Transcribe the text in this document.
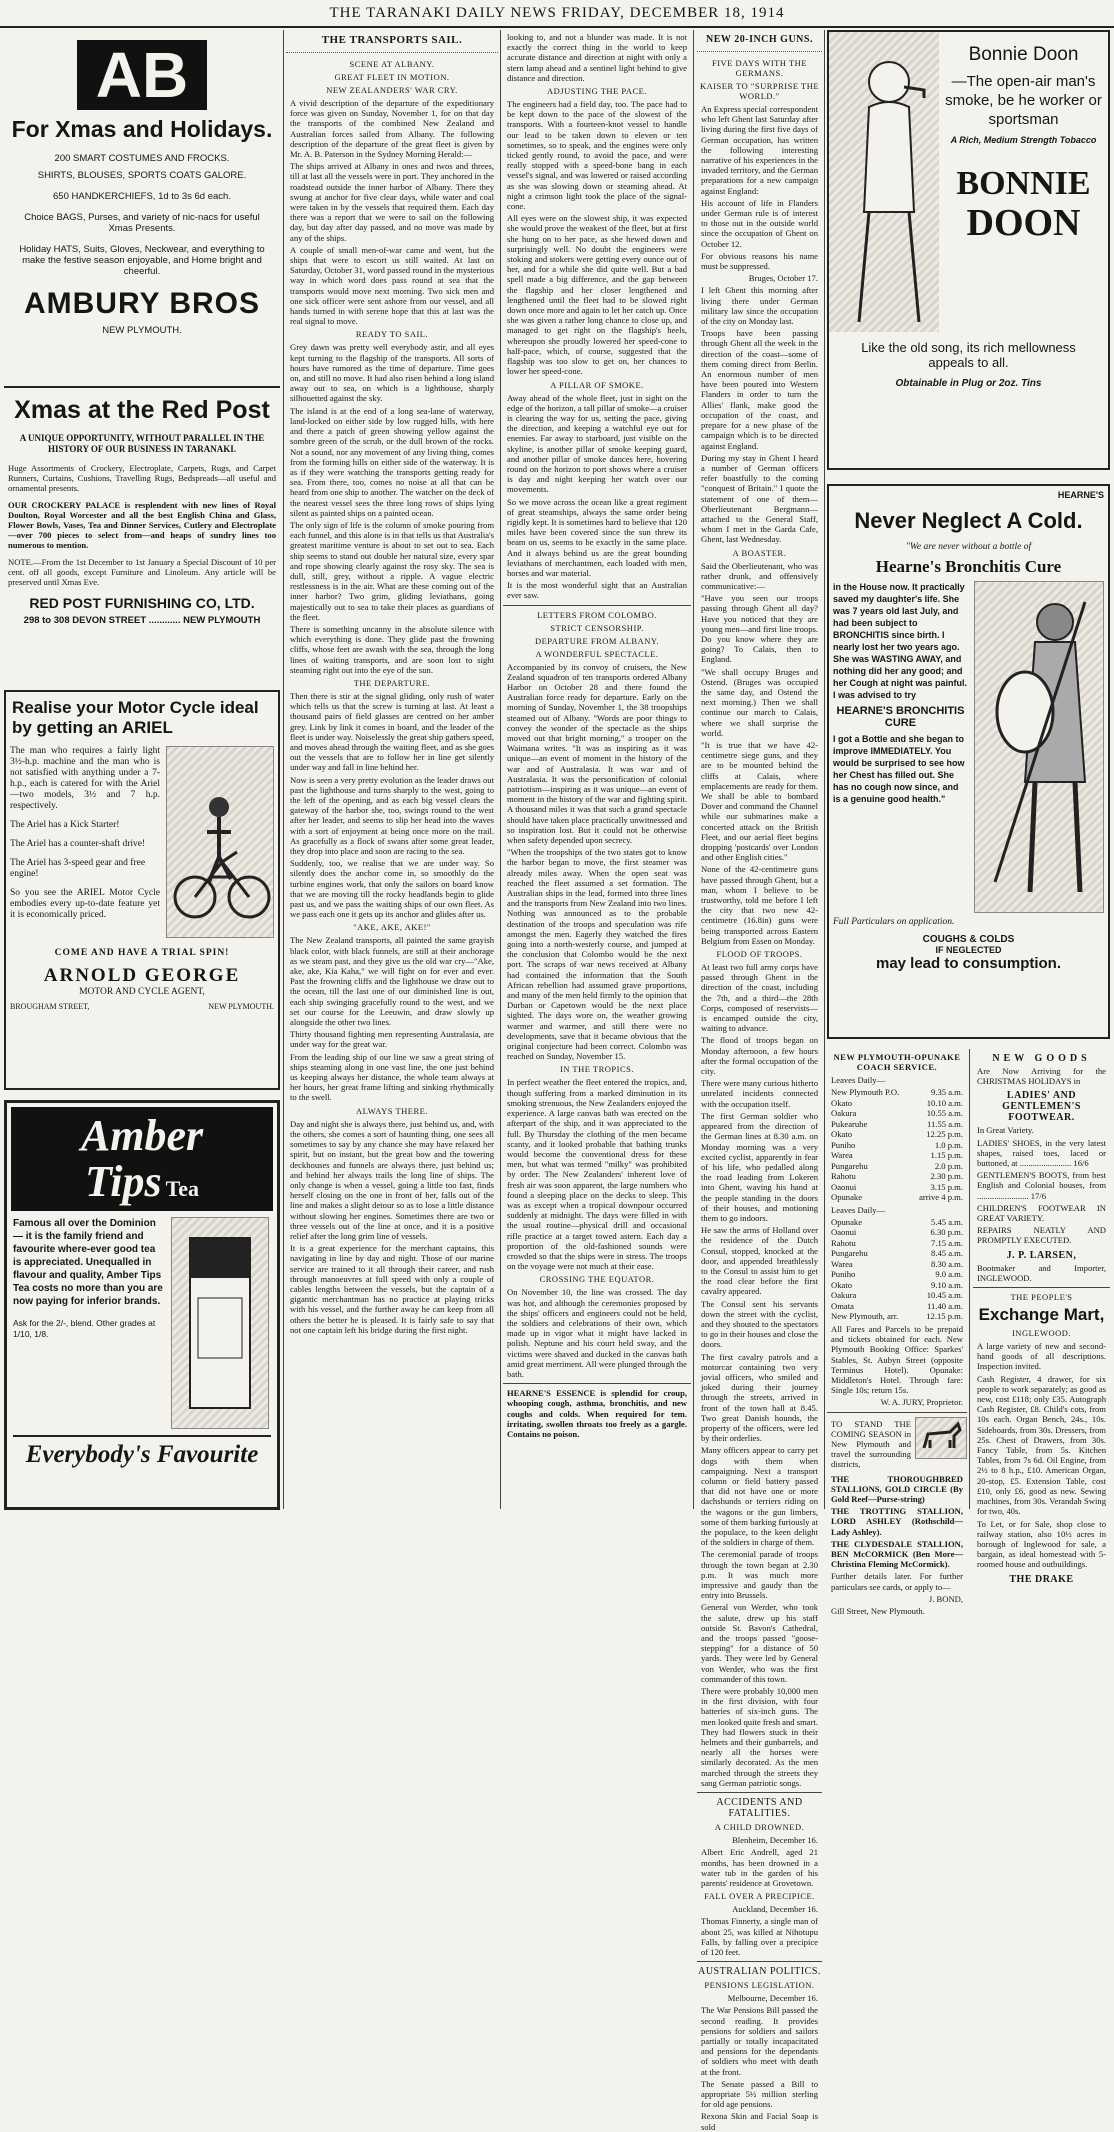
THE TARANAKI DAILY NEWS FRIDAY, DECEMBER 18, 1914
AB
For Xmas and Holidays.
200 SMART COSTUMES AND FROCKS.
SHIRTS, BLOUSES, SPORTS COATS GALORE.
650 HANDKERCHIEFS, 1d to 3s 6d each.
Choice BAGS, Purses, and variety of nic-nacs for useful Xmas Presents.
Holiday HATS, Suits, Gloves, Neckwear, and everything to make the festive season enjoyable, and Home bright and cheerful.
AMBURY BROS
NEW PLYMOUTH.
Xmas at the Red Post
A UNIQUE OPPORTUNITY, WITHOUT PARALLEL IN THE HISTORY OF OUR BUSINESS IN TARANAKI.
Huge Assortments of Crockery, Electroplate, Carpets, Rugs, and Carpet Runners, Curtains, Cushions, Travelling Rugs, Bedspreads—all useful and ornamental presents.
OUR CROCKERY PALACE is resplendent with new lines of Royal Doulton, Royal Worcester and all the best English China and Glass, Flower Bowls, Vases, Tea and Dinner Services, Cutlery and Electroplate—over 700 pieces to select from—and heaps of sundry lines too numerous to mention.
NOTE.—From the 1st December to 1st January a Special Discount of 10 per cent. off all goods, except Furniture and Linoleum. Any article will be preserved until Xmas Eve.
RED POST FURNISHING CO, LTD.
298 to 308 DEVON STREET ............ NEW PLYMOUTH
Realise your Motor Cycle ideal by getting an ARIEL
The man who requires a fairly light 3½-h.p. machine and the man who is not satisfied with anything under a 7-h.p., each is catered for with the Ariel—two models, 3½ and 7 h.p. respectively.
The Ariel has a Kick Starter!
The Ariel has a counter-shaft drive!
The Ariel has 3-speed gear and free engine!
So you see the ARIEL Motor Cycle embodies every up-to-date feature yet it is economically priced.
COME AND HAVE A TRIAL SPIN!
ARNOLD GEORGE
MOTOR AND CYCLE AGENT,
BROUGHAM STREET,	NEW PLYMOUTH.
Amber
Tips Tea
Famous all over the Dominion — it is the family friend and favourite where-ever good tea is appreciated. Unequalled in flavour and quality, Amber Tips Tea costs no more than you are now paying for inferior brands.
Ask for the 2/-, blend. Other grades at 1/10, 1/8.
Everybody's Favourite
THE TRANSPORTS SAIL.
SCENE AT ALBANY.
GREAT FLEET IN MOTION.
NEW ZEALANDERS' WAR CRY.
A vivid description of the departure of the expeditionary force was given on Sunday, November 1, for on that day the transports of the combined New Zealand and Australian forces sailed from Albany. The following description of the departure of the great fleet is given by Mr. A. B. Paterson in the Sydney Morning Herald:—
The ships arrived at Albany in ones and twos and threes, till at last all the vessels were in port. They anchored in the roadstead outside the inner harbor of Albany. There they swung at anchor for five clear days, while water and coal were taken in by the vessels that required them. Each day there was a report that we were to sail on the following day, but day after day passed, and no move was made by any of the ships.
A couple of small men-of-war came and went, but the ships that were to escort us still waited. At last on Saturday, October 31, word passed round in the mysterious way in which word does pass round at sea that the transports would move next morning. Two sick men and one sick officer were sent ashore from our vessel, and all hands turned in with serene hope that this at last was the real signal to move.
READY TO SAIL.
Grey dawn was pretty well everybody astir, and all eyes kept turning to the flagship of the transports. All sorts of hours have rumored as the time of departure. Time goes on, and still no move. It had also risen behind a long island away out to sea, on which is a lighthouse, sharply silhouetted against the sky.
The island is at the end of a long sea-lane of waterway, land-locked on either side by low rugged hills, with here and there a patch of green showing yellow against the sombre green of the scrub, or the dull brown of the rocks. Not a sound, nor any movement of any living thing, comes from the forming hills on either side of the waterway. It is as if they were watching the transports getting ready for sea. From there, too, comes no noise at all that can be heard from one ship to another. The watcher on the deck of the nearest vessel sees the three long rows of ships lying silent as painted ships on a painted ocean.
The only sign of life is the column of smoke pouring from each funnel, and this alone is in that tells us that Australia's greatest maritime venture is about to set out to sea. Each ship seems to stand out double her natural size, every spar and rope showing clearly against the rosy sky. The sea is dull, still, grey, without a ripple. A vague electric restlessness is in the air. What are these coming out of the inner harbor? Two grim, gliding leviathans, going majestically out to sea to take their places as guardians of the fleet.
There is something uncanny in the absolute silence with which everything is done. They glide past the frowning cliffs, whose feet are awash with the sea, through the long lines of waiting transports, and are soon lost to sight steaming right out into the eye of the sun.
THE DEPARTURE.
Then there is stir at the signal gliding, only rush of water which tells us that the screw is turning at last. At least a thousand pairs of field glasses are centred on her amber grey. Link by link it comes in board, and the leader of the fleet is under way. Noiselessly the great ship gathers speed, and moves ahead through the waiting fleet, and as she goes out the vessels that are to follow her in line get silently under way and fall in line behind her.
Now is seen a very pretty evolution as the leader draws out past the lighthouse and turns sharply to the west, going to the left of the opening, and as each big vessel clears the gateway of the harbor she, too, swings round to the west after her leader, and seems to slip her head into the waves with a sort of enjoyment at being once more on the trail. As gracefully as a flock of swans after some great leader, they drop into place and soon are racing to the sea.
Suddenly, too, we realise that we are under way. So silently does the anchor come in, so smoothly do the turbine engines work, that only the sailors on board know that we are moving till the rocky headlands begin to glide past us, and we pass the waiting ships of our own fleet. As we pass each one it gets up its anchor and glides after us.
"AKE, AKE, AKE!"
The New Zealand transports, all painted the same grayish black color, with black funnels, are still at their anchorage as we steam past, and they give us the old war cry—"Ake, ake, ake, Kia Kaha," we will fight on for ever and ever. Past the frowning cliffs and the lighthouse we draw out to the ocean, till the last one of our diminished line is out, each ship swinging gracefully round to the west, and we set our course for the Leeuwin, and draw slowly up alongside the other two lines.
Thirty thousand fighting men representing Australasia, are under way for the great war.
From the leading ship of our line we saw a great string of ships steaming along in one vast line, the one just behind us keeping always her distance, the whole team always at her hours, her great frame lifting and sinking rhythmically to the swell.
ALWAYS THERE.
Day and night she is always there, just behind us, and, with the others, she comes a sort of haunting thing, one sees all sometimes to say by any chance she may have relaxed her spirit, but on instant, but the great bow and the towering deckhouses and funnels are always there, just behind us; and behind her always trails the long line of ships. The only change is when a vessel, going a little too fast, finds herself closing on the one in front of her, falls out of the line and makes a slight detour so as to lose a little distance without slowing her engines. Sometimes there are two or three vessels out of the line at once, and it is a positive relief after the long grim line of vessels.
It is a great experience for the merchant captains, this navigating in line by day and night. Those of our marine service are trained to it all through their career, and rush through manoeuvres at full speed with only a couple of cables lengths between the vessels, but the captain of a gigantic merchantman has no practice at playing tricks with his vessel, and the further away he can keep from all others the better he is pleased. It is fairly safe to say that not one captain left his bridge during the first night.
looking to, and not a blunder was made. It is not exactly the correct thing in the world to keep accurate distance and direction at night with only a stern lamp ahead and a sentinel light behind to give distance and direction.
ADJUSTING THE PACE.
The engineers had a field day, too. The pace had to be kept down to the pace of the slowest of the transports. With a fourteen-knot vessel to handle our lead to be taken down to eleven or ten sometimes, so to speak, and the engines were only ticked gently round, to avoid the pace, and were really stopped with a speed-bone bang in each vessel's signal, and was lowered or raised according as she was slowing down or steaming ahead. At night a crimson light took the place of the signal-cone.
All eyes were on the slowest ship, it was expected she would prove the weakest of the fleet, but at first she hung on to her pace, as she hewed down and surprisingly well. No doubt the engineers were stoking and stokers were getting every ounce out of her, and for a while she did quite well. But a bad spell made a big difference, and the gap between the flagship and her closer lengthened and lengthened until the fleet had to be slowed right down once more and again to let her catch up. Once she was given a rather long chance to close up, and managed to get right on the flagship's heels, whereupon she proudly lowered her speed-cone to half-pace, which, of course, suggested that the flagship was too slow to get on, her chances to lower her speed-cone.
A PILLAR OF SMOKE.
Away ahead of the whole fleet, just in sight on the edge of the horizon, a tall pillar of smoke—a cruiser is clearing the way for us, setting the pace, giving the direction, and keeping a watchful eye out for enemies. Far away to starboard, just visible on the skyline, is another pillar of smoke keeping guard, and another pillar of smoke dances here, hovering round on the horizon to port shows where a cruiser is day and night keeping her watch over our movements.
So we move across the ocean like a great regiment of great steamships, always the same order being rigidly kept. It is sometimes hard to believe that 120 miles have been covered since the sun threw its beam on us, seems to be exactly in the same place. And it always behind us are the great bounding leviathans of merchantmen, each loaded with men, horses and war material.
It is the most wonderful sight that an Australian ever saw.
LETTERS FROM COLOMBO.
STRICT CENSORSHIP.
DEPARTURE FROM ALBANY.
A WONDERFUL SPECTACLE.
Accompanied by its convoy of cruisers, the New Zealand squadron of ten transports ordered Albany Harbor on October 28 and there found the Australian force ready for departure. Early on the morning of Sunday, November 1, the 38 troopships steamed out of Albany. "Words are poor things to convey the wonder of the spectacle as the ships moved out that bright morning," a trooper on the Waimana writes. "It was as inspiring as it was unique—an event of moment in the history of the war and of Australasia. It was war and of Australasia. It was the personification of colonial patriotism—inspiring as it was unique—an event of moment in the history of the war and fighting spirit. A thousand miles it was that such a grand spectacle should have taken place practically unwitnessed and so inspiration lost. But it could not be otherwise when safety depended upon secrecy.
"When the troopships of the two states got to know the harbor began to move, the first steamer was already miles away. When the open seat was reached the fleet assumed a set formation. The Australian ships in the lead, formed into three lines and the transports from New Zealand into two lines. Nothing was announced as to the probable destination of the troops and speculation was rife amongst the men. Eagerly they watched the fires going into a north-westerly course, and jumped at the conclusion that Colombo would be the next port. The scraps of war news received at Albany had contained the information that the South African rebellion had assumed grave proportions, and many of the men held firmly to the opinion that Durban or Capetown would be the next place sighted. The days wore on, the weather growing warmer and warmer, and still there were no developments, save that it became obvious that the original conjecture had been correct. Colombo was reached on Sunday, November 15.
IN THE TROPICS.
In perfect weather the fleet entered the tropics, and, though suffering from a marked diminution in its smoking strenuous, the New Zealanders enjoyed the experience. A large canvas bath was erected on the afterpart of the ship, and it was appreciated to the full. By Thursday the clothing of the men became scanty, and it looked probable that bathing trunks would become the conventional dress for these men, but what was termed "milky" was prohibited by order. The New Zealanders' inherent love of fresh air was soon apparent, the large numbers who found a sleeping place on the decks to sleep. This was as except when a tropical downpour occurred suddenly at midnight. The days were filled in with the usual routine—physical drill and occasional rifle practice at a target towed astern. Each day a proportion of the old-fashioned sounds were crowded so that the ships were in stress. The troops on the voyage were not much at their ease.
CROSSING THE EQUATOR.
On November 10, the line was crossed. The day was hot, and although the ceremonies proposed by the ships' officers and engineers could not be held, the soldiers and celebrations of their own, which made up in vigor what it might have lacked in polish. Neptune and his court held sway, and the victims were shaved and ducked in the canvas bath amid great merriment. All were plunged through the bath.
HEARNE'S ESSENCE is splendid for croup, whooping cough, asthma, bronchitis, and new coughs and colds. When required for tem. irritating, swollen throats too freely as a gargle. Contains no poison.
NEW 20-INCH GUNS.
FIVE DAYS WITH THE GERMANS.
KAISER TO "SURPRISE THE WORLD."
An Express special correspondent who left Ghent last Saturday after living during the first five days of German occupation, has written the following interesting narrative of his experiences in the invaded territory, and the German preparations for a new campaign against England:
His account of life in Flanders under German rule is of interest to those out in the outside world since the occupation of Ghent on October 12.
For obvious reasons his name must be suppressed.
Bruges, October 17.
I left Ghent this morning after living there under German military law since the occupation of the city on Monday last.
Troops have been passing through Ghent all the week in the direction of the coast—some of them coming direct from Berlin. An enormous number of men have been poured into Western Flanders in order to turn the Allies' flank, make good the occupation of the coast, and prepare for a new phase of the campaign which is to be directed against England.
During my stay in Ghent I heard a number of German officers refer boastfully to the coming "conquest of Britain." I quote the statement of one of them—Oberlieutenant Bergmann—attached to the General Staff, whom I met in the Garda Cafe, Ghent, last Wednesday.
A BOASTER.
Said the Oberlieutenant, who was rather drunk, and offensively communicative:—
"Have you seen our troops passing through Ghent all day? Have you noticed that they are young men—and first line troops. Do you know where they are going? To Calais, then to England.
"We shall occupy Bruges and Ostend. (Bruges was occupied the same day, and Ostend the next morning.) Then we shall continue our march to Calais, where we shall surprise the world.
"It is true that we have 42-centimetre siege guns, and they are to be mounted behind the cliffs at Calais, where emplacements are ready for them. We shall be able to bombard Dover and command the Channel while our submarines make a concerted attack on the British Fleet, and our aerial fleet begins dropping 'postcards' over London and other English cities."
None of the 42-centimetre guns have passed through Ghent, but a man, whom I believe to be trustworthy, told me before I left the city that two new 42-centimetre (16.8in) guns were being transported across Eastern Belgium from Essen on Monday.
FLOOD OF TROOPS.
At least two full army corps have passed through Ghent in the direction of the coast, including the 7th, and a third—the 28th Corps, composed of reservists—is encamped outside the city, waiting to advance.
The flood of troops began on Monday afternoon, a few hours after the formal occupation of the city.
There were many curious hitherto unrelated incidents connected with the occupation itself.
The first German soldier who appeared from the direction of the German lines at 8.30 a.m. on Monday morning was a very excited cyclist, apparently in fear of his life, who pedalled along the road leading from Lokeren into Ghent, waving his hand at the people standing in the doors of their houses, and motioning them to go indoors.
He saw the arms of Holland over the residence of the Dutch Consul, stopped, knocked at the door, and appended breathlessly to the Consul to assist him to get the road clear before the first cavalry appeared.
The Consul sent his servants down the street with the cyclist, and they shouted to the spectators to go in their houses and close the doors.
The first cavalry patrols and a motorcar containing two very jovial officers, who smiled and joked during their journey through the streets, arrived in front of the town hall at 8.45. Two great Danish hounds, the property of the officers, were led by their orderlies.
Many officers appear to carry pet dogs with them when campaigning. Next a transport column or field battery passed that did not have one or more dachshunds or terriers riding on the wagons or the gun limbers, some of them barking furiously at the populace, to the keen delight of the soldiers in charge of them.
The ceremonial parade of troops through the town began at 2.30 p.m. It was much more impressive and gaudy than the entry into Brussels.
General von Werder, who took the salute, drew up his staff outside St. Bavon's Cathedral, and the troops passed "goose-stepping" for a distance of 50 yards. They were led by General von Werder, who was the first commander of this town.
There were probably 10,000 men in the first division, with four batteries of six-inch guns. The men looked quite fresh and smart. They had flowers stuck in their helmets and their gunbarrels, and nearly all the horses were similarly decorated. As the men marched through the streets they sang German patriotic songs.
ACCIDENTS AND FATALITIES.
A CHILD DROWNED.
Blenheim, December 16.
Albert Eric Andrell, aged 21 months, has been drowned in a water tub in the garden of his parents' residence at Grovetown.
FALL OVER A PRECIPICE.
Auckland, December 16.
Thomas Finnerty, a single man of about 25, was killed at Nihotupu Falls, by falling over a precipice of 120 feet.
AUSTRALIAN POLITICS.
PENSIONS LEGISLATION.
Melbourne, December 16.
The War Pensions Bill passed the second reading. It provides pensions for soldiers and sailors partially or totally incapacitated and pensions for the dependants of soldiers who meet with death at the front.
The Senate passed a Bill to appropriate 5½ million sterling for old age pensions.
Rexona Skin and Facial Soap is sold
Bonnie Doon
—The open-air man's smoke, be he worker or sportsman
A Rich, Medium Strength Tobacco
BONNIE
DOON
Like the old song, its rich mellowness appeals to all.
Obtainable in Plug or 2oz. Tins
HEARNE'S
Never Neglect A Cold.
"We are never without a bottle of
Hearne's Bronchitis Cure
in the House now. It practically saved my daughter's life. She was 7 years old last July, and had been subject to BRONCHITIS since birth. I nearly lost her two years ago. She was WASTING AWAY, and nothing did her any good; and her Cough at night was painful. I was advised to try
HEARNE'S BRONCHITIS CURE
I got a Bottle and she began to improve IMMEDIATELY. You would be surprised to see how her Chest has filled out. She has no cough now since, and is a genuine good health."
Full Particulars on application.
COUGHS & COLDS
IF NEGLECTED
may lead to consumption.
NEW PLYMOUTH-OPUNAKE COACH SERVICE.
Leaves Daily—
New Plymouth P.O.	9.35 a.m.
Okato	10.10 a.m.
Oakura	10.55 a.m.
Pukearuhe	11.55 a.m.
Okato	12.25 p.m.
Puniho	1.0 p.m.
Warea	1.15 p.m.
Pungarehu	2.0 p.m.
Rahotu	2.30 p.m.
Oaonui	3.15 p.m.
Opunake	arrive 4 p.m.
Leaves Daily—
Opunake	5.45 a.m.
Oaonui	6.30 p.m.
Rahotu	7.15 a.m.
Pungarehu	8.45 a.m.
Warea	8.30 a.m.
Puniho	9.0 a.m.
Okato	9.10 a.m.
Oakura	10.45 a.m.
Omata	11.40 a.m.
New Plymouth, arr.	12.15 p.m.
All Fares and Parcels to be prepaid and tickets obtained for each. New Plymouth Booking Office: Sparkes' Stables, St. Aubyn Street (opposite Terminus Hotel). Opunake: Middleton's Hotel. Through fare: Single 10s; return 15s.
W. A. JURY, Proprietor.
TO STAND THE COMING SEASON in New Plymouth and travel the surrounding districts,
THE THOROUGHBRED STALLIONS, GOLD CIRCLE (By Gold Reef—Purse-string)
THE TROTTING STALLION, LORD ASHLEY (Rothschild—Lady Ashley).
THE CLYDESDALE STALLION, BEN McCORMICK (Ben More—Christina Fleming McCormick).
Further details later. For further particulars see cards, or apply to—
J. BOND,
Gill Street, New Plymouth.
NEW GOODS
Are Now Arriving for the CHRISTMAS HOLIDAYS in
LADIES' AND GENTLEMEN'S FOOTWEAR.
In Great Variety.
LADIES' SHOES, in the very latest shapes, raised toes, laced or buttoned, at ........................ 16/6
GENTLEMEN'S BOOTS, from best English and Colonial houses, from ........................ 17/6
CHILDREN'S FOOTWEAR IN GREAT VARIETY.
REPAIRS NEATLY AND PROMPTLY EXECUTED.
J. P. LARSEN,
Bootmaker and Importer, INGLEWOOD.
THE PEOPLE'S
Exchange Mart,
INGLEWOOD.
A large variety of new and second-hand goods of all descriptions. Inspection invited.
Cash Register, 4 drawer, for six people to work separately; as good as new, cost £118; only £35. Autograph Cash Register, £8. Child's cots, from 10s each. Organ Bench, 24s., 10s. Sideboards, from 30s. Dressers, from 25s. Chest of Drawers, from 30s. Fancy Table, from 5s. Kitchen Tables, from 7s 6d. Oil Engine, from 2½ to 8 h.p., £10. American Organ, 20-stop, £5. Extension Table, cost £10, only £6, good as new. Sewing machines, from 30s. Verandah Swing for two, 40s.
To Let, or for Sale, shop close to railway station, also 10½ acres in borough of Inglewood for sale, a bargain, as ideal homestead with 5-roomed house and outbuildings.
THE DRAKE
